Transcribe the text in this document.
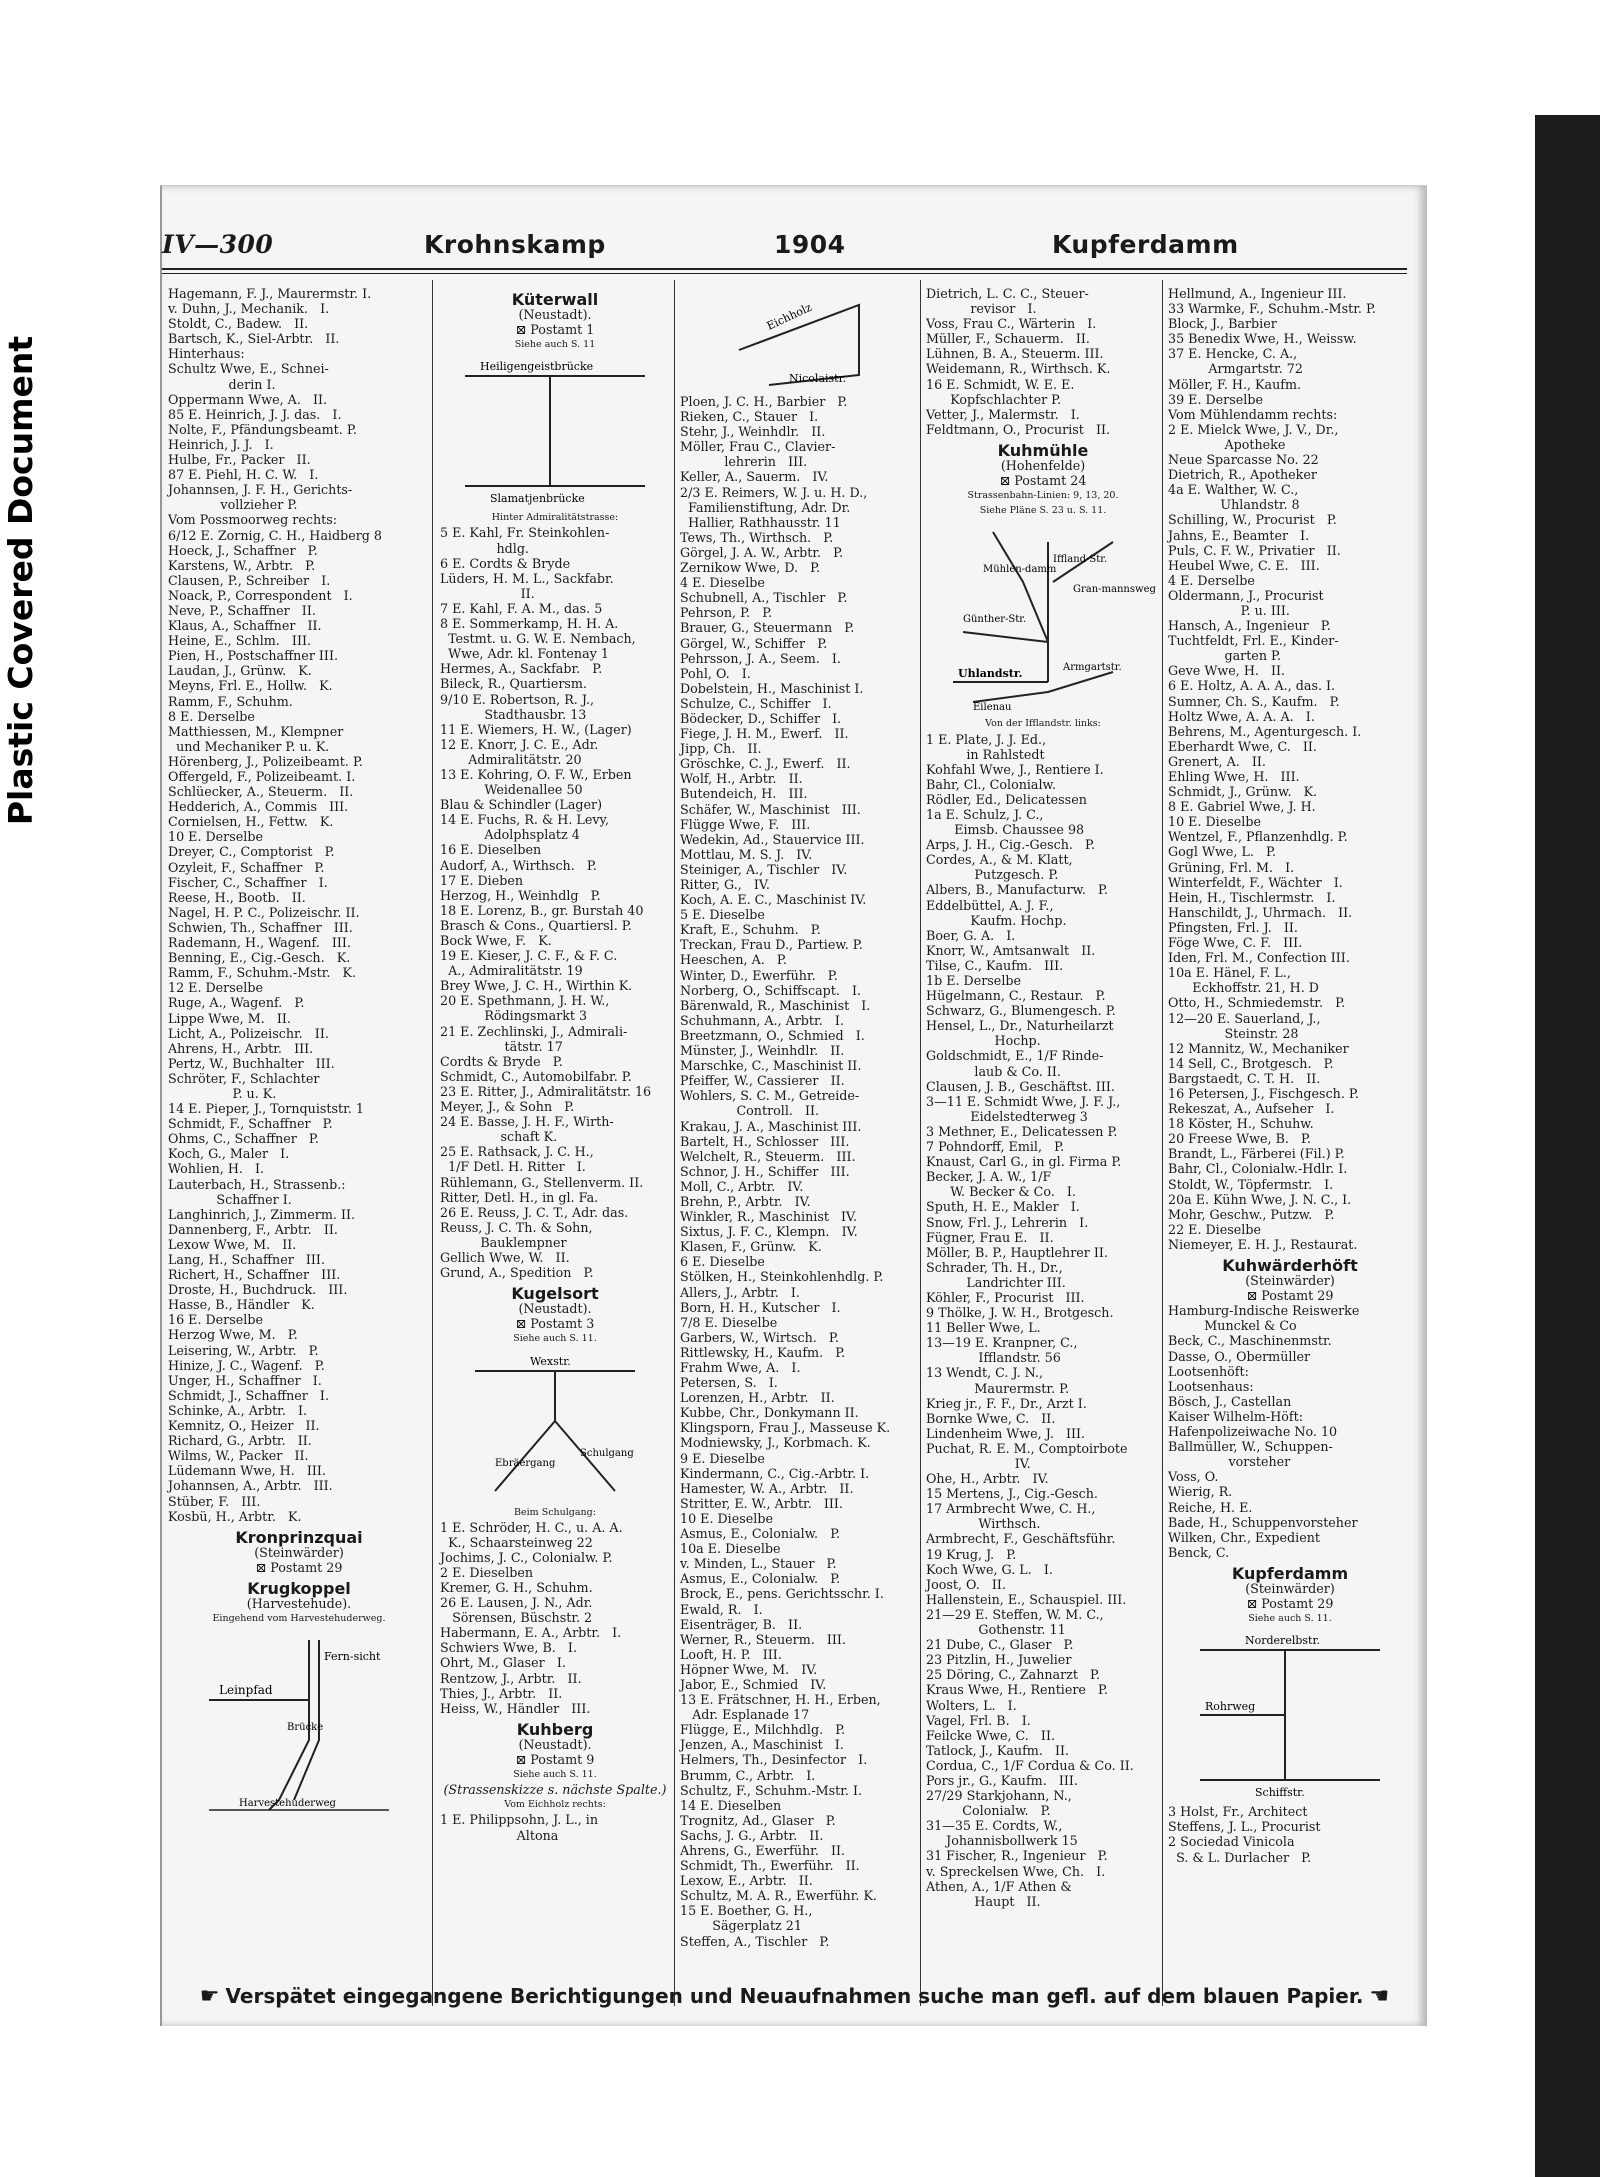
Plastic Covered Document
IV—300	Krohnskamp	1904	Kupferdamm
Hagemann, F. J., Maurermstr. I.
v. Duhn, J., Mechanik.   I.
Stoldt, C., Badew.   II.
Bartsch, K., Siel-Arbtr.   II.
Hinterhaus:
Schultz Wwe, E., Schnei-
derin I.
Oppermann Wwe, A.   II.
85 E. Heinrich, J. J. das.   I.
Nolte, F., Pfändungsbeamt. P.
Heinrich, J. J.   I.
Hulbe, Fr., Packer   II.
87 E. Piehl, H. C. W.   I.
Johannsen, J. F. H., Gerichts-
vollzieher P.
Vom Possmoorweg rechts:
6/12 E. Zornig, C. H., Haidberg 8
Hoeck, J., Schaffner   P.
Karstens, W., Arbtr.   P.
Clausen, P., Schreiber   I.
Noack, P., Correspondent   I.
Neve, P., Schaffner   II.
Klaus, A., Schaffner   II.
Heine, E., Schlm.   III.
Pien, H., Postschaffner III.
Laudan, J., Grünw.   K.
Meyns, Frl. E., Hollw.   K.
Ramm, F., Schuhm.
8 E. Derselbe
Matthiessen, M., Klempner
und Mechaniker P. u. K.
Hörenberg, J., Polizeibeamt. P.
Offergeld, F., Polizeibeamt. I.
Schlüecker, A., Steuerm.   II.
Hedderich, A., Commis   III.
Cornielsen, H., Fettw.   K.
10 E. Derselbe
Dreyer, C., Comptorist   P.
Ozyleit, F., Schaffner   P.
Fischer, C., Schaffner   I.
Reese, H., Bootb.   II.
Nagel, H. P. C., Polizeischr. II.
Schwien, Th., Schaffner   III.
Rademann, H., Wagenf.   III.
Benning, E., Cig.-Gesch.   K.
Ramm, F., Schuhm.-Mstr.   K.
12 E. Derselbe
Ruge, A., Wagenf.   P.
Lippe Wwe, M.   II.
Licht, A., Polizeischr.   II.
Ahrens, H., Arbtr.   III.
Pertz, W., Buchhalter   III.
Schröter, F., Schlachter
P. u. K.
14 E. Pieper, J., Tornquiststr. 1
Schmidt, F., Schaffner   P.
Ohms, C., Schaffner   P.
Koch, G., Maler   I.
Wohlien, H.   I.
Lauterbach, H., Strassenb.:
Schaffner I.
Langhinrich, J., Zimmerm. II.
Dannenberg, F., Arbtr.   II.
Lexow Wwe, M.   II.
Lang, H., Schaffner   III.
Richert, H., Schaffner   III.
Droste, H., Buchdruck.   III.
Hasse, B., Händler   K.
16 E. Derselbe
Herzog Wwe, M.   P.
Leisering, W., Arbtr.   P.
Hinize, J. C., Wagenf.   P.
Unger, H., Schaffner   I.
Schmidt, J., Schaffner   I.
Schinke, A., Arbtr.   I.
Kemnitz, O., Heizer   II.
Richard, G., Arbtr.   II.
Wilms, W., Packer   II.
Lüdemann Wwe, H.   III.
Johannsen, A., Arbtr.   III.
Stüber, F.   III.
Kosbü, H., Arbtr.   K.
Kronprinzquai
(Steinwärder)
⊠ Postamt 29
Krugkoppel
(Harvestehude).
Eingehend vom Harvestehuderweg.
Leinpfad
Fern-sicht
Brücke
Harvestehuderweg
Küterwall
(Neustadt).
⊠ Postamt 1
Siehe auch S. 11
Heiligengeistbrücke
Slamatjenbrücke
Hinter Admiralitätstrasse:
5 E. Kahl, Fr. Steinkohlen-
hdlg.
6 E. Cordts & Bryde
Lüders, H. M. L., Sackfabr.
II.
7 E. Kahl, F. A. M., das. 5
8 E. Sommerkamp, H. H. A.
Testmt. u. G. W. E. Nembach,
Wwe, Adr. kl. Fontenay 1
Hermes, A., Sackfabr.   P.
Bileck, R., Quartiersm.
9/10 E. Robertson, R. J.,
Stadthausbr. 13
11 E. Wiemers, H. W., (Lager)
12 E. Knorr, J. C. E., Adr.
Admiralitätstr. 20
13 E. Kohring, O. F. W., Erben
Weidenallee 50
Blau & Schindler (Lager)
14 E. Fuchs, R. & H. Levy,
Adolphsplatz 4
16 E. Dieselben
Audorf, A., Wirthsch.   P.
17 E. Dieben
Herzog, H., Weinhdlg   P.
18 E. Lorenz, B., gr. Burstah 40
Brasch & Cons., Quartiersl. P.
Bock Wwe, F.   K.
19 E. Kieser, J. C. F., & F. C.
A., Admiralitätstr. 19
Brey Wwe, J. C. H., Wirthin K.
20 E. Spethmann, J. H. W.,
Rödingsmarkt 3
21 E. Zechlinski, J., Admirali-
tätstr. 17
Cordts & Bryde   P.
Schmidt, C., Automobilfabr. P.
23 E. Ritter, J., Admiralitätstr. 16
Meyer, J., & Sohn   P.
24 E. Basse, J. H. F., Wirth-
schaft K.
25 E. Rathsack, J. C. H.,
1/F Detl. H. Ritter   I.
Rühlemann, G., Stellenverm. II.
Ritter, Detl. H., in gl. Fa.
26 E. Reuss, J. C. T., Adr. das.
Reuss, J. C. Th. & Sohn,
Bauklempner
Gellich Wwe, W.   II.
Grund, A., Spedition   P.
Kugelsort
(Neustadt).
⊠ Postamt 3
Siehe auch S. 11.
Wexstr.
Ebräergang
Schulgang
Beim Schulgang:
1 E. Schröder, H. C., u. A. A.
K., Schaarsteinweg 22
Jochims, J. C., Colonialw. P.
2 E. Dieselben
Kremer, G. H., Schuhm.
26 E. Lausen, J. N., Adr.
Sörensen, Büschstr. 2
Habermann, E. A., Arbtr.   I.
Schwiers Wwe, B.   I.
Ohrt, M., Glaser   I.
Rentzow, J., Arbtr.   II.
Thies, J., Arbtr.   II.
Heiss, W., Händler   III.
Kuhberg
(Neustadt).
⊠ Postamt 9
Siehe auch S. 11.
(Strassenskizze s. nächste Spalte.)
Vom Eichholz rechts:
1 E. Philippsohn, J. L., in
Altona
Eichholz
Nicolaistr.
Ploen, J. C. H., Barbier   P.
Rieken, C., Stauer   I.
Stehr, J., Weinhdlr.   II.
Möller, Frau C., Clavier-
lehrerin   III.
Keller, A., Sauerm.   IV.
2/3 E. Reimers, W. J. u. H. D.,
Familienstiftung, Adr. Dr.
Hallier, Rathhausstr. 11
Tews, Th., Wirthsch.   P.
Görgel, J. A. W., Arbtr.   P.
Zernikow Wwe, D.   P.
4 E. Dieselbe
Schubnell, A., Tischler   P.
Pehrson, P.   P.
Brauer, G., Steuermann   P.
Görgel, W., Schiffer   P.
Pehrsson, J. A., Seem.   I.
Pohl, O.   I.
Dobelstein, H., Maschinist I.
Schulze, C., Schiffer   I.
Bödecker, D., Schiffer   I.
Fiege, J. H. M., Ewerf.   II.
Jipp, Ch.   II.
Gröschke, C. J., Ewerf.   II.
Wolf, H., Arbtr.   II.
Butendeich, H.   III.
Schäfer, W., Maschinist   III.
Flügge Wwe, F.   III.
Wedekin, Ad., Stauervice III.
Mottlau, M. S. J.   IV.
Steiniger, A., Tischler   IV.
Ritter, G.,   IV.
Koch, A. E. C., Maschinist IV.
5 E. Dieselbe
Kraft, E., Schuhm.   P.
Treckan, Frau D., Partiew. P.
Heeschen, A.   P.
Winter, D., Ewerführ.   P.
Norberg, O., Schiffscapt.   I.
Bärenwald, R., Maschinist   I.
Schuhmann, A., Arbtr.   I.
Breetzmann, O., Schmied   I.
Münster, J., Weinhdlr.   II.
Marschke, C., Maschinist II.
Pfeiffer, W., Cassierer   II.
Wohlers, S. C. M., Getreide-
Controll.   II.
Krakau, J. A., Maschinist III.
Bartelt, H., Schlosser   III.
Welchelt, R., Steuerm.   III.
Schnor, J. H., Schiffer   III.
Moll, C., Arbtr.   IV.
Brehn, P., Arbtr.   IV.
Winkler, R., Maschinist   IV.
Sixtus, J. F. C., Klempn.   IV.
Klasen, F., Grünw.   K.
6 E. Dieselbe
Stölken, H., Steinkohlenhdlg. P.
Allers, J., Arbtr.   I.
Born, H. H., Kutscher   I.
7/8 E. Dieselbe
Garbers, W., Wirtsch.   P.
Rittlewsky, H., Kaufm.   P.
Frahm Wwe, A.   I.
Petersen, S.   I.
Lorenzen, H., Arbtr.   II.
Kubbe, Chr., Donkymann II.
Klingsporn, Frau J., Masseuse K.
Modniewsky, J., Korbmach. K.
9 E. Dieselbe
Kindermann, C., Cig.-Arbtr. I.
Hamester, W. A., Arbtr.   II.
Stritter, E. W., Arbtr.   III.
10 E. Dieselbe
Asmus, E., Colonialw.   P.
10a E. Dieselbe
v. Minden, L., Stauer   P.
Asmus, E., Colonialw.   P.
Brock, E., pens. Gerichtsschr. I.
Ewald, R.   I.
Eisenträger, B.   II.
Werner, R., Steuerm.   III.
Looft, H. P.   III.
Höpner Wwe, M.   IV.
Jabor, E., Schmied   IV.
13 E. Frätschner, H. H., Erben,
Adr. Esplanade 17
Flügge, E., Milchhdlg.   P.
Jenzen, A., Maschinist   I.
Helmers, Th., Desinfector   I.
Brumm, C., Arbtr.   I.
Schultz, F., Schuhm.-Mstr. I.
14 E. Dieselben
Trognitz, Ad., Glaser   P.
Sachs, J. G., Arbtr.   II.
Ahrens, G., Ewerführ.   II.
Schmidt, Th., Ewerführ.   II.
Lexow, E., Arbtr.   II.
Schultz, M. A. R., Ewerführ. K.
15 E. Boether, G. H.,
Sägerplatz 21
Steffen, A., Tischler   P.
Dietrich, L. C. C., Steuer-
revisor   I.
Voss, Frau C., Wärterin   I.
Müller, F., Schauerm.   II.
Lühnen, B. A., Steuerm. III.
Weidemann, R., Wirthsch. K.
16 E. Schmidt, W. E. E.
Kopfschlachter P.
Vetter, J., Malermstr.   I.
Feldtmann, O., Procurist   II.
Kuhmühle
(Hohenfelde)
⊠ Postamt 24
Strassenbahn-Linien: 9, 13, 20.
Siehe Pläne S. 23 u. S. 11.
Mühlen-damm
Iffland-Str.
Gran-mannsweg
Günther-Str.
Uhlandstr.
Eilenau
Armgartstr.
Von der Ifflandstr. links:
1 E. Plate, J. J. Ed.,
in Rahlstedt
Kohfahl Wwe, J., Rentiere I.
Bahr, Cl., Colonialw.
Rödler, Ed., Delicatessen
1a E. Schulz, J. C.,
Eimsb. Chaussee 98
Arps, J. H., Cig.-Gesch.   P.
Cordes, A., & M. Klatt,
Putzgesch. P.
Albers, B., Manufacturw.   P.
Eddelbüttel, A. J. F.,
Kaufm. Hochp.
Boer, G. A.   I.
Knorr, W., Amtsanwalt   II.
Tilse, C., Kaufm.   III.
1b E. Derselbe
Hügelmann, C., Restaur.   P.
Schwarz, G., Blumengesch. P.
Hensel, L., Dr., Naturheilarzt
Hochp.
Goldschmidt, E., 1/F Rinde-
laub & Co. II.
Clausen, J. B., Geschäftst. III.
3—11 E. Schmidt Wwe, J. F. J.,
Eidelstedterweg 3
3 Methner, E., Delicatessen P.
7 Pohndorff, Emil,   P.
Knaust, Carl G., in gl. Firma P.
Becker, J. A. W., 1/F
W. Becker & Co.   I.
Sputh, H. E., Makler   I.
Snow, Frl. J., Lehrerin   I.
Fügner, Frau E.   II.
Möller, B. P., Hauptlehrer II.
Schrader, Th. H., Dr.,
Landrichter III.
Köhler, F., Procurist   III.
9 Thölke, J. W. H., Brotgesch.
11 Beller Wwe, L.
13—19 E. Kranpner, C.,
Ifflandstr. 56
13 Wendt, C. J. N.,
Maurermstr. P.
Krieg jr., F. F., Dr., Arzt I.
Bornke Wwe, C.   II.
Lindenheim Wwe, J.   III.
Puchat, R. E. M., Comptoirbote
IV.
Ohe, H., Arbtr.   IV.
15 Mertens, J., Cig.-Gesch.
17 Armbrecht Wwe, C. H.,
Wirthsch.
Armbrecht, F., Geschäftsführ.
19 Krug, J.   P.
Koch Wwe, G. L.   I.
Joost, O.   II.
Hallenstein, E., Schauspiel. III.
21—29 E. Steffen, W. M. C.,
Gothenstr. 11
21 Dube, C., Glaser   P.
23 Pitzlin, H., Juwelier
25 Döring, C., Zahnarzt   P.
Kraus Wwe, H., Rentiere   P.
Wolters, L.   I.
Vagel, Frl. B.   I.
Feilcke Wwe, C.   II.
Tatlock, J., Kaufm.   II.
Cordua, C., 1/F Cordua & Co. II.
Pors jr., G., Kaufm.   III.
27/29 Starkjohann, N.,
Colonialw.   P.
31—35 E. Cordts, W.,
Johannisbollwerk 15
31 Fischer, R., Ingenieur   P.
v. Spreckelsen Wwe, Ch.   I.
Athen, A., 1/F Athen &
Haupt   II.
Hellmund, A., Ingenieur III.
33 Warmke, F., Schuhm.-Mstr. P.
Block, J., Barbier
35 Benedix Wwe, H., Weissw.
37 E. Hencke, C. A.,
Armgartstr. 72
Möller, F. H., Kaufm.
39 E. Derselbe
Vom Mühlendamm rechts:
2 E. Mielck Wwe, J. V., Dr.,
Apotheke
Neue Sparcasse No. 22
Dietrich, R., Apotheker
4a E. Walther, W. C.,
Uhlandstr. 8
Schilling, W., Procurist   P.
Jahns, E., Beamter   I.
Puls, C. F. W., Privatier   II.
Heubel Wwe, C. E.   III.
4 E. Derselbe
Oldermann, J., Procurist
P. u. III.
Hansch, A., Ingenieur   P.
Tuchtfeldt, Frl. E., Kinder-
garten P.
Geve Wwe, H.   II.
6 E. Holtz, A. A. A., das. I.
Sumner, Ch. S., Kaufm.   P.
Holtz Wwe, A. A. A.   I.
Behrens, M., Agenturgesch. I.
Eberhardt Wwe, C.   II.
Grenert, A.   II.
Ehling Wwe, H.   III.
Schmidt, J., Grünw.   K.
8 E. Gabriel Wwe, J. H.
10 E. Dieselbe
Wentzel, F., Pflanzenhdlg. P.
Gogl Wwe, L.   P.
Grüning, Frl. M.   I.
Winterfeldt, F., Wächter   I.
Hein, H., Tischlermstr.   I.
Hanschildt, J., Uhrmach.   II.
Pfingsten, Frl. J.   II.
Föge Wwe, C. F.   III.
Iden, Frl. M., Confection III.
10a E. Hänel, F. L.,
Eckhoffstr. 21, H. D
Otto, H., Schmiedemstr.   P.
12—20 E. Sauerland, J.,
Steinstr. 28
12 Mannitz, W., Mechaniker
14 Sell, C., Brotgesch.   P.
Bargstaedt, C. T. H.   II.
16 Petersen, J., Fischgesch. P.
Rekeszat, A., Aufseher   I.
18 Köster, H., Schuhw.
20 Freese Wwe, B.   P.
Brandt, L., Färberei (Fil.) P.
Bahr, Cl., Colonialw.-Hdlr. I.
Stoldt, W., Töpfermstr.   I.
20a E. Kühn Wwe, J. N. C., I.
Mohr, Geschw., Putzw.   P.
22 E. Dieselbe
Niemeyer, E. H. J., Restaurat.
Kuhwärderhöft
(Steinwärder)
⊠ Postamt 29
Hamburg-Indische Reiswerke
Munckel & Co
Beck, C., Maschinenmstr.
Dasse, O., Obermüller
Lootsenhöft:
Lootsenhaus:
Bösch, J., Castellan
Kaiser Wilhelm-Höft:
Hafenpolizeiwache No. 10
Ballmüller, W., Schuppen-
vorsteher
Voss, O.
Wierig, R.
Reiche, H. E.
Bade, H., Schuppenvorsteher
Wilken, Chr., Expedient
Benck, C.
Kupferdamm
(Steinwärder)
⊠ Postamt 29
Siehe auch S. 11.
Norderelbstr.
Rohrweg
Schiffstr.
3 Holst, Fr., Architect
Steffens, J. L., Procurist
2 Sociedad Vinicola
S. & L. Durlacher   P.
☛ Verspätet eingegangene Berichtigungen und Neuaufnahmen suche man gefl. auf dem blauen Papier. ☚
